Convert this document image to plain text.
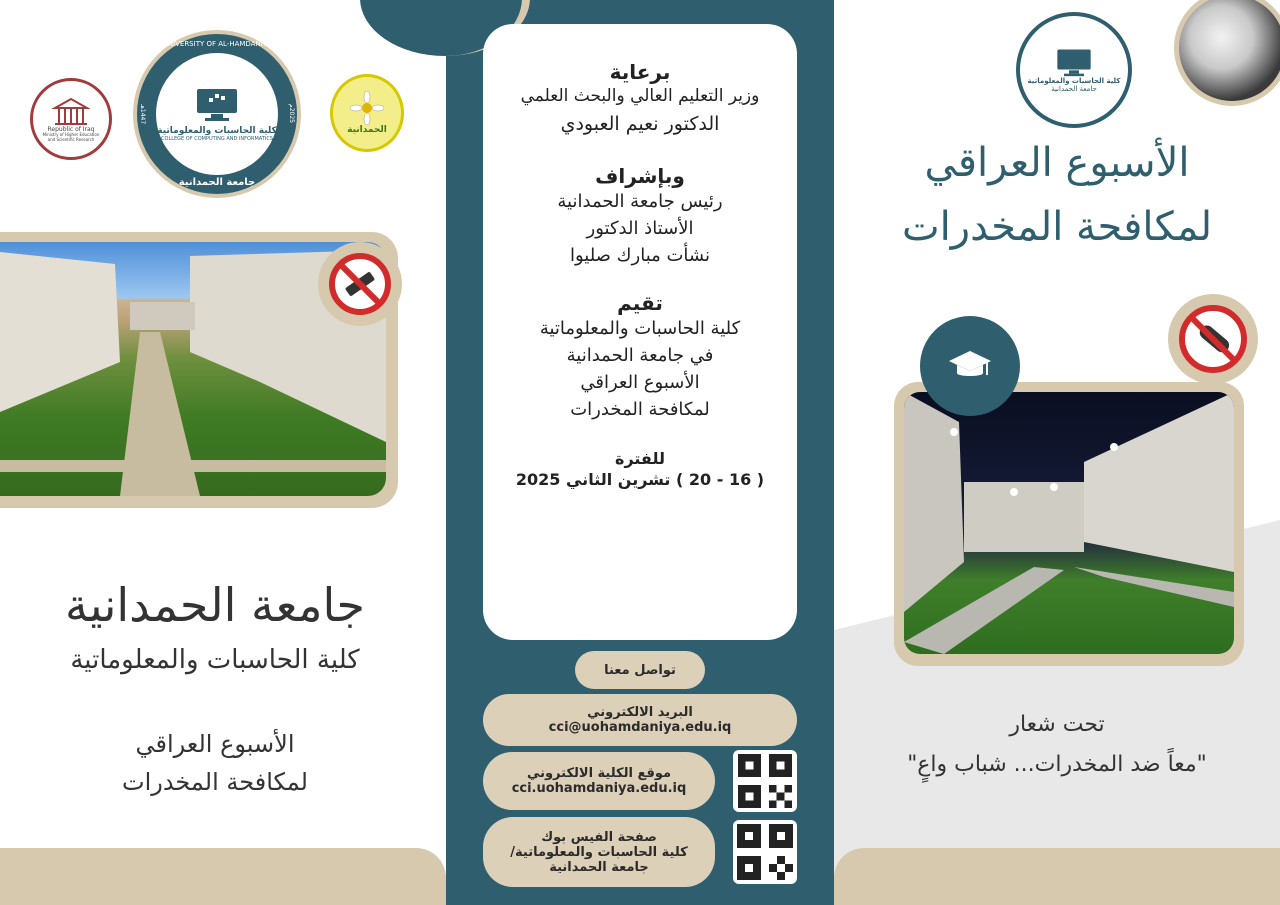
Republic of Iraq
Ministry of Higher Education and Scientific Research
كلية الحاسبات والمعلوماتية
COLLEGE OF COMPUTING AND INFORMATICS
UNIVERSITY OF AL-HAMDANIYA
جامعة الحمدانية
1447هـ
2025م
الحمدانية
جامعة الحمدانية
كلية الحاسبات والمعلوماتية
الأسبوع العراقي
لمكافحة المخدرات
برعاية

وزير التعليم العالي والبحث العلمي

الدكتور نعيم العبودي

وبإشراف

رئيس جامعة الحمدانية

الأستاذ الدكتور

نشأت مبارك صليوا

تقيم

كلية الحاسبات والمعلوماتية

في جامعة الحمدانية

الأسبوع العراقي

لمكافحة المخدرات

للفترة

( 16 - 20 ) تشرين الثاني 2025

تواصل معنا
البريد الالكتروني
cci@uohamdaniya.edu.iq
موقع الكلية الالكتروني
cci.uohamdaniya.edu.iq
صفحة الفيس بوك
كلية الحاسبات والمعلوماتية/
جامعة الحمدانية
كلية الحاسبات والمعلوماتية
جامعة الحمدانية
الأسبوع العراقي
لمكافحة المخدرات
تحت شعار
"معاً ضد المخدرات... شباب واعٍ"
